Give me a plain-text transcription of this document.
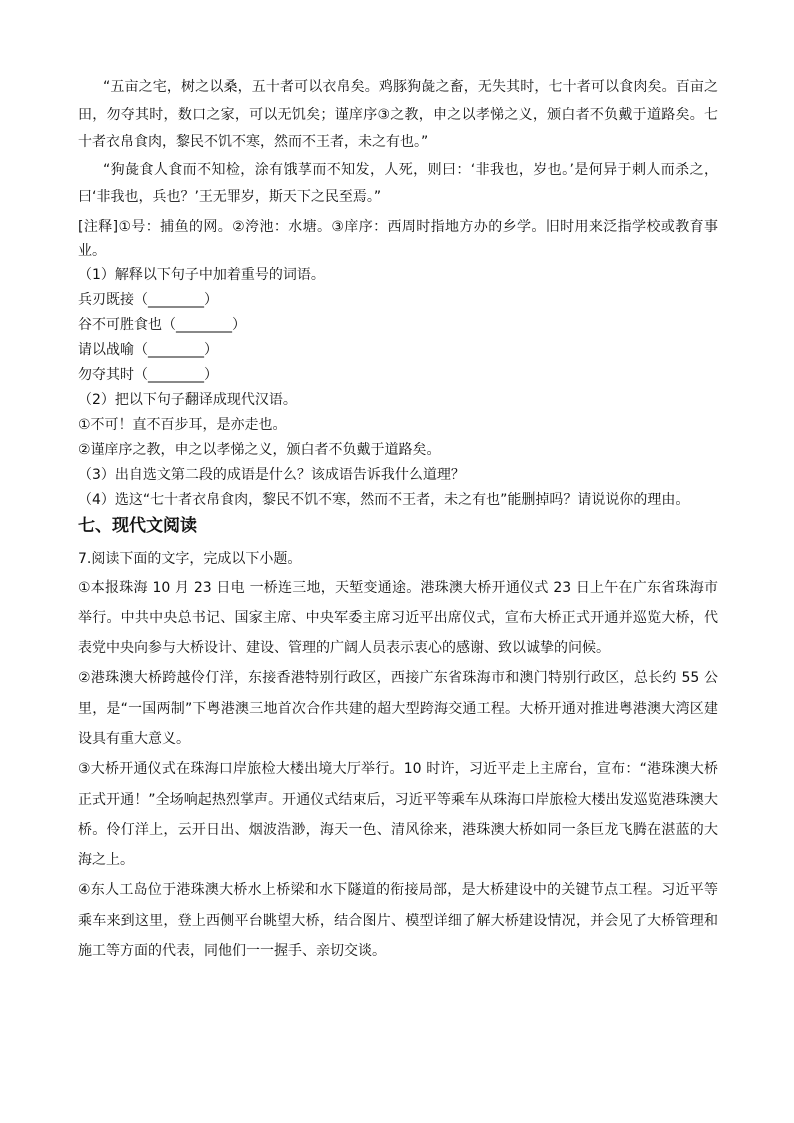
“五亩之宅，树之以桑，五十者可以衣帛矣。鸡豚狗彘之畜，无失其时，七十者可以食肉矣。百亩之田，勿夺其时，数口之家，可以无饥矣；谨庠序③之教，申之以孝悌之义，颁白者不负戴于道路矣。七十者衣帛食肉，黎民不饥不寒，然而不王者，未之有也。”

“狗彘食人食而不知检，涂有饿莩而不知发，人死，则曰：‘非我也，岁也。’是何异于刺人而杀之，曰‘非我也，兵也？’王无罪岁，斯天下之民至焉。”

[注释]①号：捕鱼的网。②洿池：水塘。③庠序：西周时指地方办的乡学。旧时用来泛指学校或教育事业。

（1）解释以下句子中加着重号的词语。

兵刃既接（________）

谷不可胜食也（________）

请以战喻（________）

勿夺其时（________）

（2）把以下句子翻译成现代汉语。

①不可！直不百步耳，是亦走也。

②谨庠序之教，申之以孝悌之义，颁白者不负戴于道路矣。

（3）出自选文第二段的成语是什么？该成语告诉我什么道理？

（4）选这“七十者衣帛食肉，黎民不饥不寒，然而不王者，未之有也”能删掉吗？请说说你的理由。

七、现代文阅读

7.阅读下面的文字，完成以下小题。

①本报珠海 10 月 23 日电 一桥连三地，天堑变通途。港珠澳大桥开通仪式 23 日上午在广东省珠海市举行。中共中央总书记、国家主席、中央军委主席习近平出席仪式，宣布大桥正式开通并巡览大桥，代表党中央向参与大桥设计、建设、管理的广阔人员表示衷心的感谢、致以诚挚的问候。

②港珠澳大桥跨越伶仃洋，东接香港特别行政区，西接广东省珠海市和澳门特别行政区，总长约 55 公里，是“一国两制”下粤港澳三地首次合作共建的超大型跨海交通工程。大桥开通对推进粤港澳大湾区建设具有重大意义。

③大桥开通仪式在珠海口岸旅检大楼出境大厅举行。10 时许，习近平走上主席台，宣布：“港珠澳大桥正式开通！”全场响起热烈掌声。开通仪式结束后，习近平等乘车从珠海口岸旅检大楼出发巡览港珠澳大桥。伶仃洋上，云开日出、烟波浩渺，海天一色、清风徐来，港珠澳大桥如同一条巨龙飞腾在湛蓝的大海之上。

④东人工岛位于港珠澳大桥水上桥梁和水下隧道的衔接局部，是大桥建设中的关键节点工程。习近平等乘车来到这里，登上西侧平台眺望大桥，结合图片、模型详细了解大桥建设情况，并会见了大桥管理和施工等方面的代表，同他们一一握手、亲切交谈。
